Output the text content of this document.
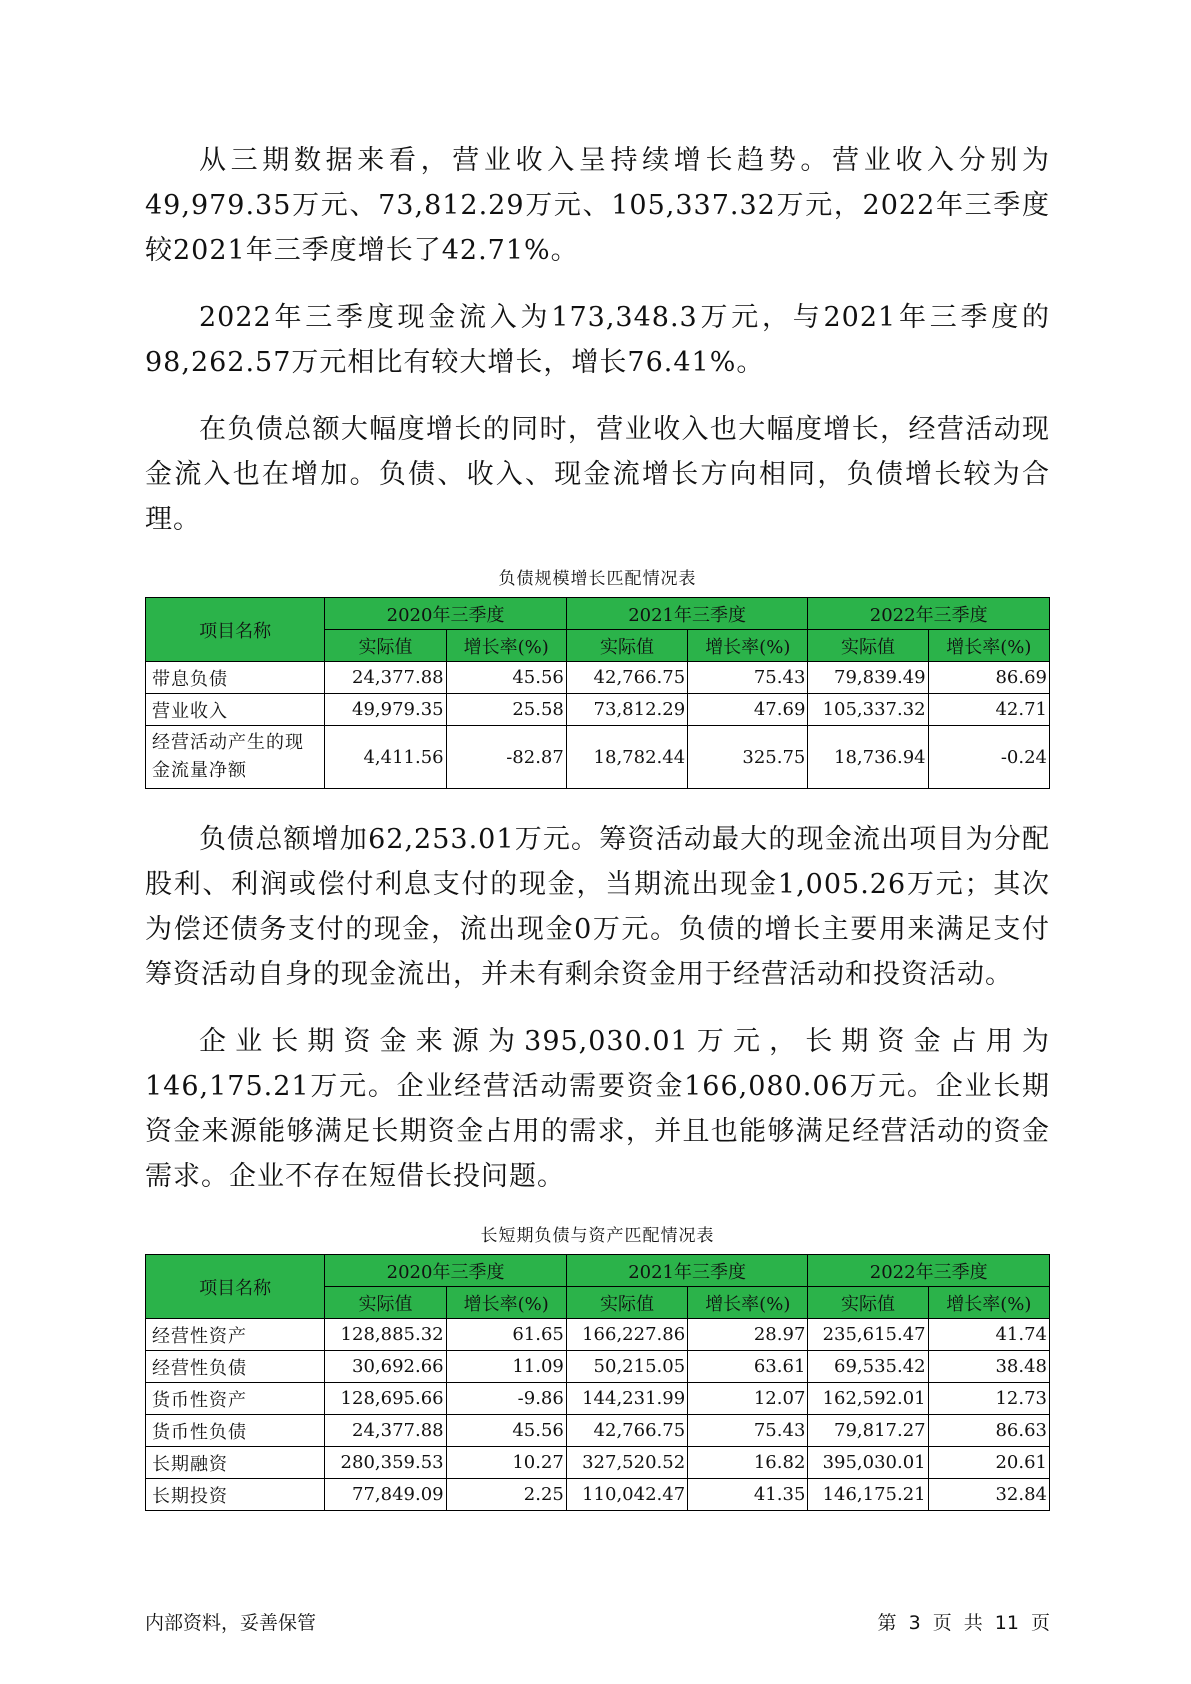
从三期数据来看，营业收入呈持续增长趋势。营业收入分别为49,979.35万元、73,812.29万元、105,337.32万元，2022年三季度较2021年三季度增长了42.71%。

2022年三季度现金流入为173,348.3万元，与2021年三季度的98,262.57万元相比有较大增长，增长76.41%。

在负债总额大幅度增长的同时，营业收入也大幅度增长，经营活动现金流入也在增加。负债、收入、现金流增长方向相同，负债增长较为合理。

负债规模增长匹配情况表
项目名称	2020年三季度		2021年三季度		2022年三季度	
	实际值	增长率(%)	实际值	增长率(%)	实际值	增长率(%)
带息负债	24,377.88	45.56	42,766.75	75.43	79,839.49	86.69
营业收入	49,979.35	25.58	73,812.29	47.69	105,337.32	42.71
经营活动产生的现金流量净额	4,411.56	-82.87	18,782.44	325.75	18,736.94	-0.24

负债总额增加62,253.01万元。筹资活动最大的现金流出项目为分配股利、利润或偿付利息支付的现金，当期流出现金1,005.26万元；其次为偿还债务支付的现金，流出现金0万元。负债的增长主要用来满足支付筹资活动自身的现金流出，并未有剩余资金用于经营活动和投资活动。

企业长期资金来源为395,030.01万元，长期资金占用为146,175.21万元。企业经营活动需要资金166,080.06万元。企业长期资金来源能够满足长期资金占用的需求，并且也能够满足经营活动的资金需求。企业不存在短借长投问题。

长短期负债与资产匹配情况表
项目名称	2020年三季度		2021年三季度		2022年三季度	
	实际值	增长率(%)	实际值	增长率(%)	实际值	增长率(%)
经营性资产	128,885.32	61.65	166,227.86	28.97	235,615.47	41.74
经营性负债	30,692.66	11.09	50,215.05	63.61	69,535.42	38.48
货币性资产	128,695.66	-9.86	144,231.99	12.07	162,592.01	12.73
货币性负债	24,377.88	45.56	42,766.75	75.43	79,817.27	86.63
长期融资	280,359.53	10.27	327,520.52	16.82	395,030.01	20.61
长期投资	77,849.09	2.25	110,042.47	41.35	146,175.21	32.84
内部资料，妥善保管	第 3 页 共 11 页
